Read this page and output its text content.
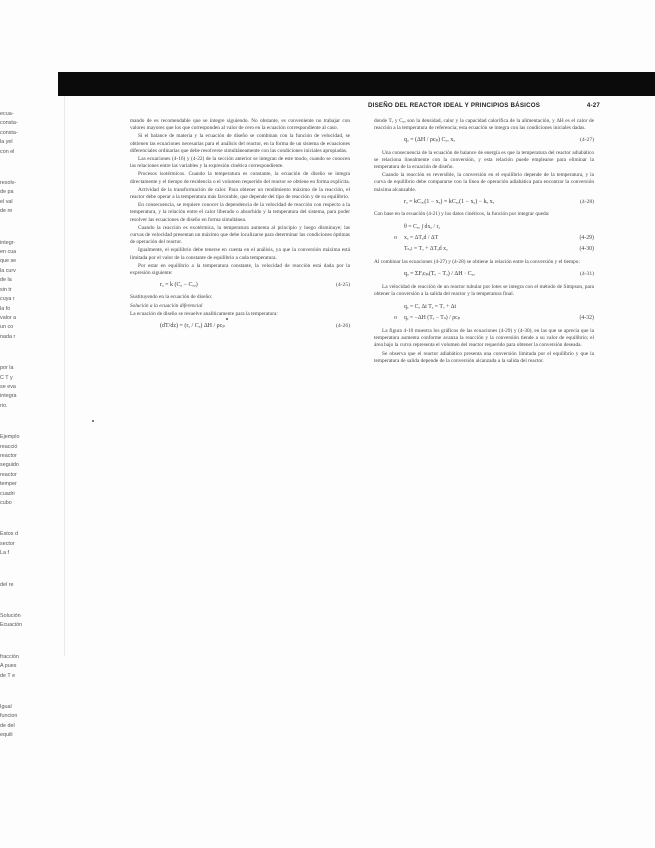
ecua-
consta-
consta-
la yel
con el
resolv-
de pa
el val
de re
integr-
en cua
que se
la curv
de la
sin tr
cuya r
la fo
valor a
un co
nada r
por la
C T y
se eva
integra
rio.
Ejemplo
reacció
reactor
seguido
reactor
temper
cuadri
cubo
Estos d
sector
La f
del re
Solución
Ecuación
fracción
A pues
de T e
Igual
funcion
de del
equili
DISEÑO DEL REACTOR IDEAL Y PRINCIPIOS BÁSICOS	4-27

mando de es recomendable que se integre siguiendo. No obstante, es conveniente no trabajar con valores mayores que los que corresponden al valor de cero en la ecuación correspondiente al caso.

Si el balance de materia y la ecuación de diseño se combinan con la función de velocidad, se obtienen las ecuaciones necesarias para el análisis del reactor, en la forma de un sistema de ecuaciones diferenciales ordinarias que debe resolverse simultáneamente con las condiciones iniciales apropiadas.

Las ecuaciones (4-16) y (4-22) de la sección anterior se integran de este modo, cuando se conocen las relaciones entre las variables y la expresión cinética correspondiente.

Procesos isotérmicos. Cuando la temperatura es constante, la ecuación de diseño se integra directamente y el tiempo de residencia o el volumen requerido del reactor se obtiene en forma explícita.

Actividad de la transformación de calor. Para obtener un rendimiento máximo de la reacción, el reactor debe operar a la temperatura más favorable, que depende del tipo de reacción y de su equilibrio.

En consecuencia, se requiere conocer la dependencia de la velocidad de reacción con respecto a la temperatura, y la relación entre el calor liberado o absorbido y la temperatura del sistema, para poder resolver las ecuaciones de diseño en forma simultánea.

Cuando la reacción es exotérmica, la temperatura aumenta al principio y luego disminuye; las curvas de velocidad presentan un máximo que debe localizarse para determinar las condiciones óptimas de operación del reactor.

Igualmente, el equilibrio debe tenerse en cuenta en el análisis, ya que la conversión máxima está limitada por el valor de la constante de equilibrio a cada temperatura.

Por estar en equilibrio a la temperatura constante, la velocidad de reacción está dada por la expresión siguiente:

rₐ = k (Cₐ − Cₐₑ)	(4-25)

Sustituyendo en la ecuación de diseño:

Solución a la ecuación diferencial

La ecuación de diseño se resuelve analíticamente para la temperatura:

(dT/dz) = (rₐ / Cₐ) ΔH / ρcₚ	(4-26)

donde Tₒ y Cₐₒ son la densidad, calor y la capacidad calorífica de la alimentación, y ΔH es el calor de reacción a la temperatura de referencia; esta ecuación se integra con las condiciones iniciales dadas.

qₐ = (ΔH / ρcₚ) Cₐₒ xₐ	(4-27)

Una consecuencia de la ecuación de balance de energía es que la temperatura del reactor adiabático se relaciona linealmente con la conversión, y esta relación puede emplearse para eliminar la temperatura de la ecuación de diseño.

Cuando la reacción es reversible, la conversión en el equilibrio depende de la temperatura, y la curva de equilibrio debe compararse con la línea de operación adiabática para encontrar la conversión máxima alcanzable.

rₐ = kCₐₒ(1 − xₐ) = kCₐₒ(1 − xₐ) − kₑ xₐ	(4-28)

Con base en la ecuación (4-21) y los datos cinéticos, la función por integrar queda:

θ = Cₐₒ ∫ dxₐ / rₐ
o	xₐ = ΔTₐd / ΔT	(4-29)
Tₛₐₗ = Tₒ + ΔTₐd xₐ	(4-30)

Al combinar las ecuaciones (4-27) y (4-28) se obtiene la relación entre la conversión y el tiempo:

qₐ = ΣFᵢcₚᵢ(Tₑ − Tₒ) / ΔH · Cₐₒ	(4-31)

La velocidad de reacción de un reactor tubular por lotes se integra con el método de Simpson, para obtener la conversión a la salida del reactor y la temperatura final.

qₐ = Cₐ Δt Tₐ = Tₒ + Δt
o	qₐ = −ΔH (Tₑ − Tₛ) / ρcₚ	(4-32)

La figura 4-10 muestra los gráficos de las ecuaciones (4-29) y (4-30), en las que se aprecia que la temperatura aumenta conforme avanza la reacción y la conversión tiende a su valor de equilibrio; el área bajo la curva representa el volumen del reactor requerido para obtener la conversión deseada.

Se observa que el reactor adiabático presenta una conversión limitada por el equilibrio y que la temperatura de salida depende de la conversión alcanzada a la salida del reactor.
